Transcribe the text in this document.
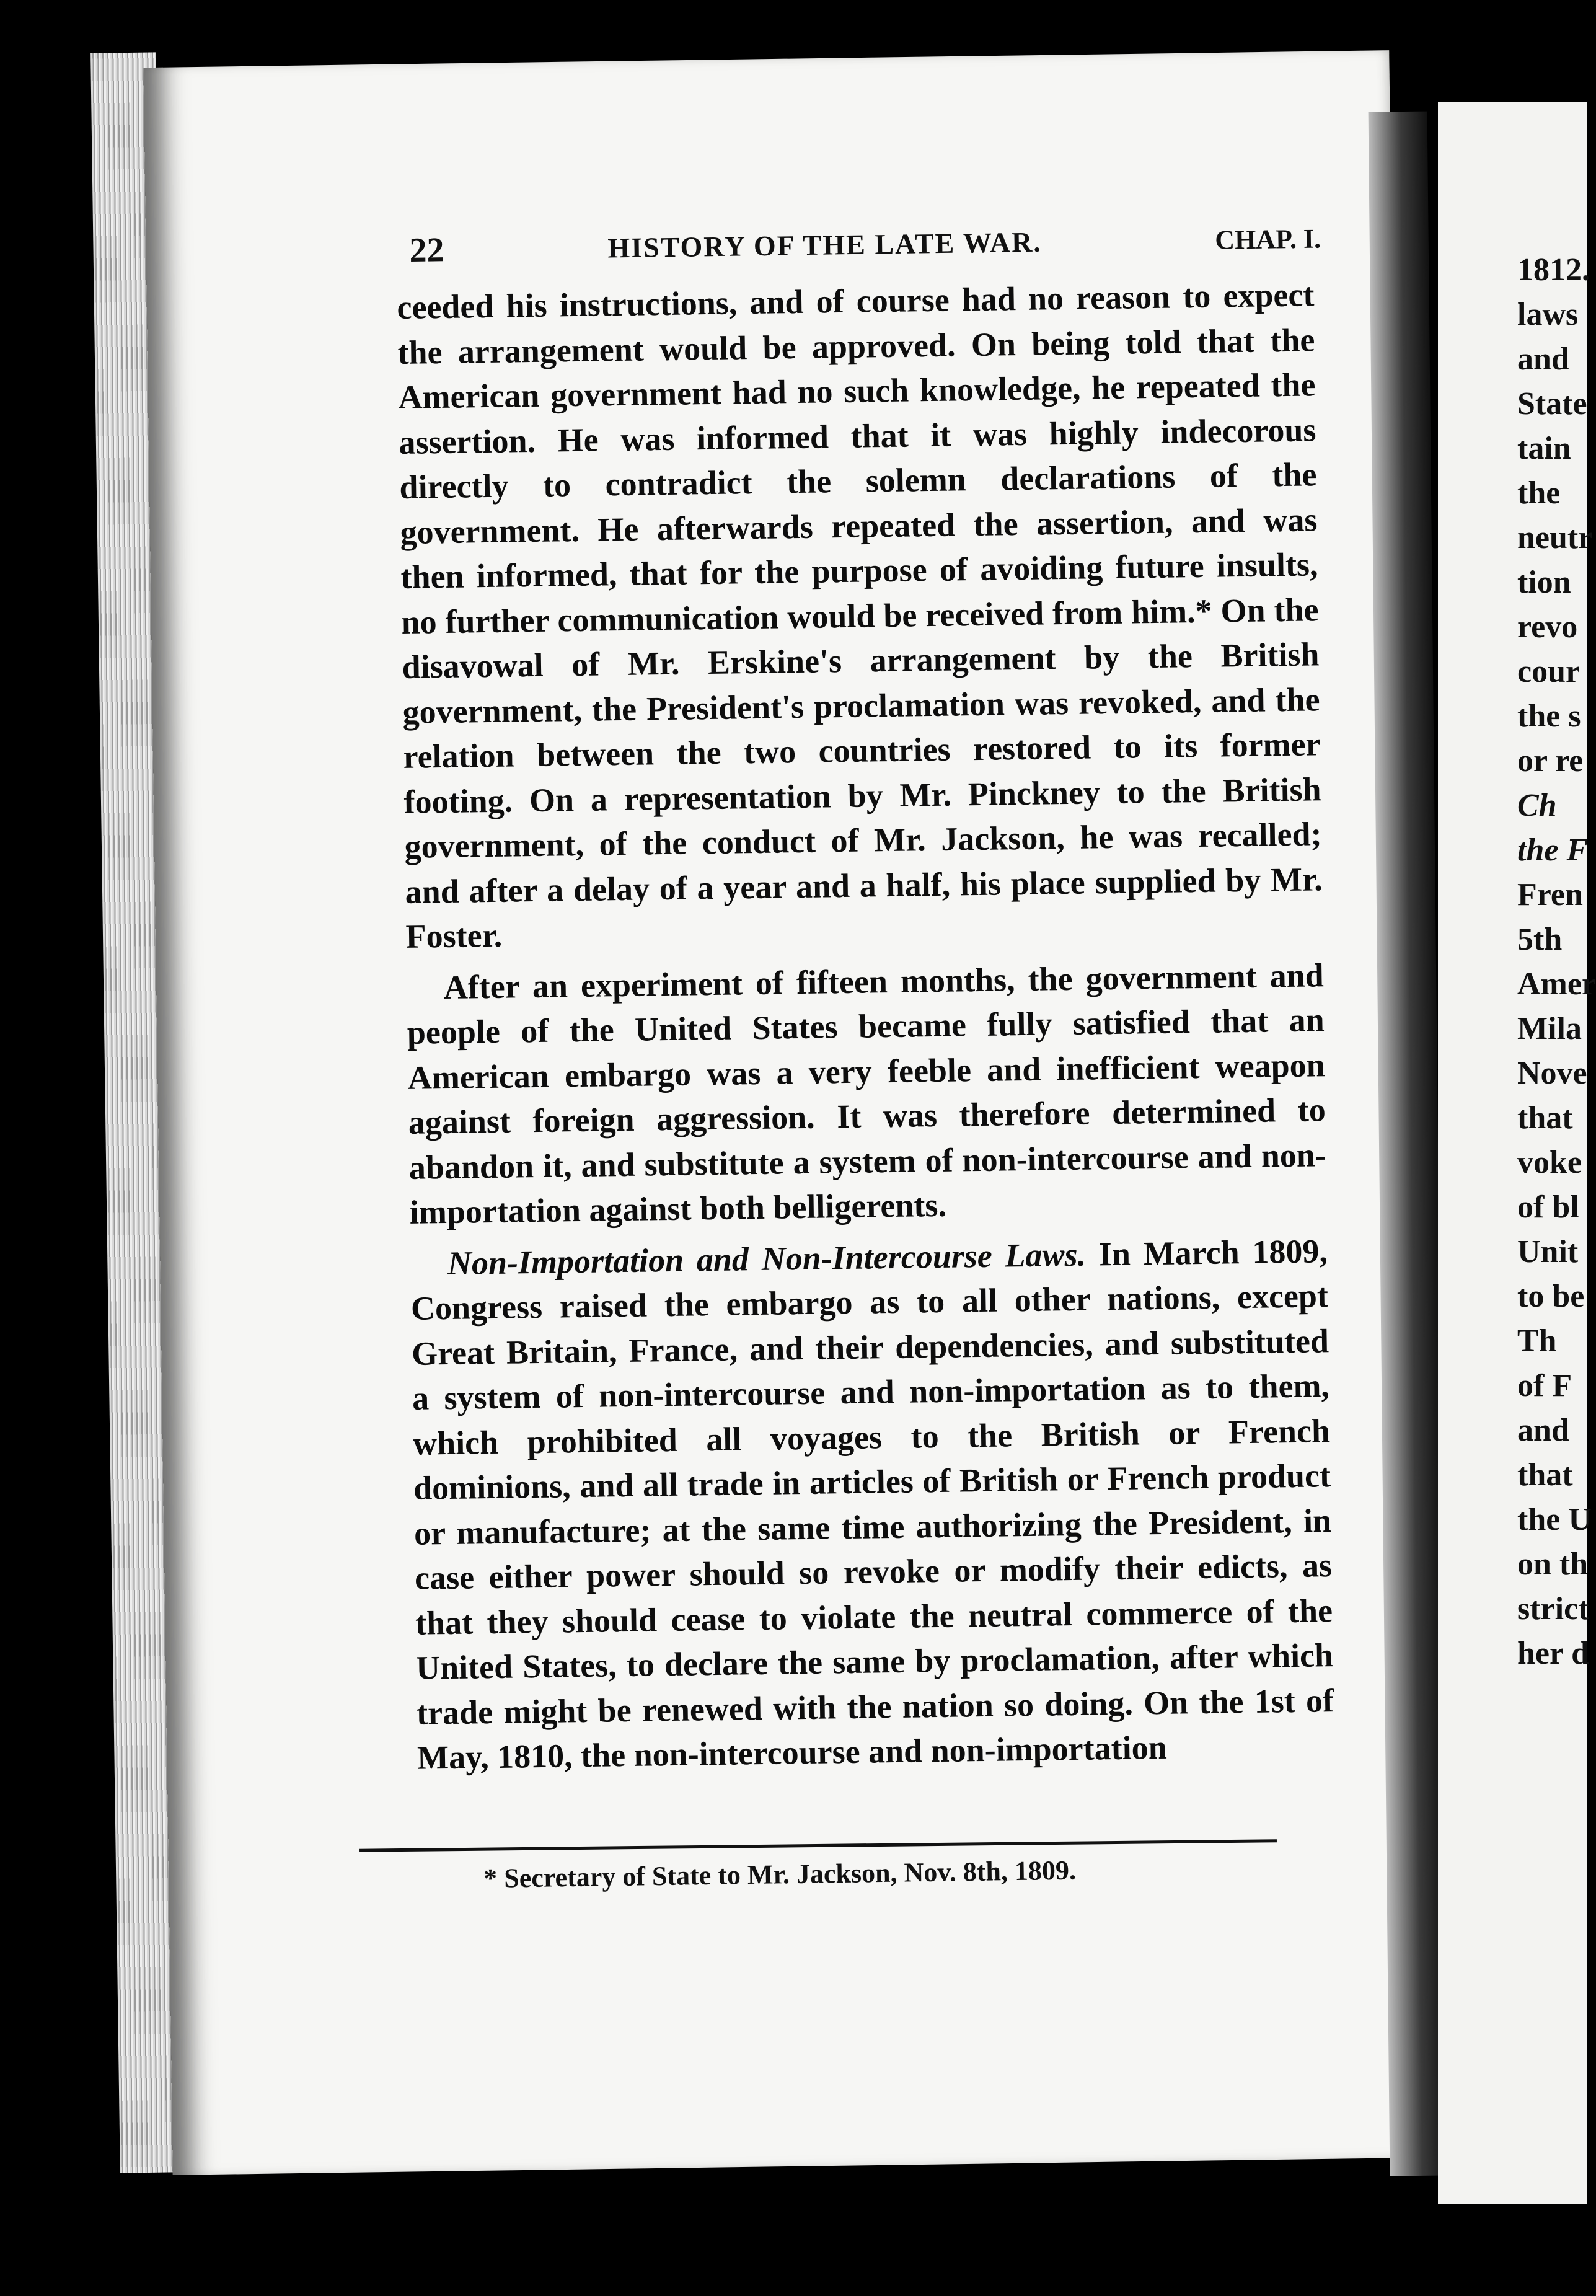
22	HISTORY OF THE LATE WAR.	CHAP. I.

ceeded his instructions, and of course had no reason to expect the arrangement would be approved. On being told that the American government had no such knowledge, he repeated the assertion. He was informed that it was highly indecorous directly to contradict the solemn declarations of the government. He afterwards repeated the assertion, and was then informed, that for the purpose of avoiding future insults, no further communication would be received from him.* On the disavowal of Mr. Erskine's arrangement by the British government, the President's proclamation was revoked, and the relation between the two countries restored to its former footing. On a representation by Mr. Pinckney to the British government, of the conduct of Mr. Jackson, he was recalled; and after a delay of a year and a half, his place supplied by Mr. Foster.

After an experiment of fifteen months, the government and people of the United States became fully satisfied that an American embargo was a very feeble and inefficient weapon against foreign aggression. It was therefore determined to abandon it, and substitute a system of non-intercourse and non-importation against both belligerents.

Non-Importation and Non-Intercourse Laws. In March 1809, Congress raised the embargo as to all other nations, except Great Britain, France, and their dependencies, and substituted a system of non-intercourse and non-importation as to them, which prohibited all voyages to the British or French dominions, and all trade in articles of British or French product or manufacture; at the same time authorizing the President, in case either power should so revoke or modify their edicts, as that they should cease to violate the neutral commerce of the United States, to declare the same by proclamation, after which trade might be renewed with the nation so doing. On the 1st of May, 1810, the non-intercourse and non-importation

* Secretary of State to Mr. Jackson, Nov. 8th, 1809.
1812.
laws
and
State
tain
the
neutr
tion
revo
cour
the s
or re
Ch
the F
Fren
5th
Amer
Mila
Nove
that
voke
of bl
Unit
to be
Th
of F
and
that
the U
on th
strict
her d
